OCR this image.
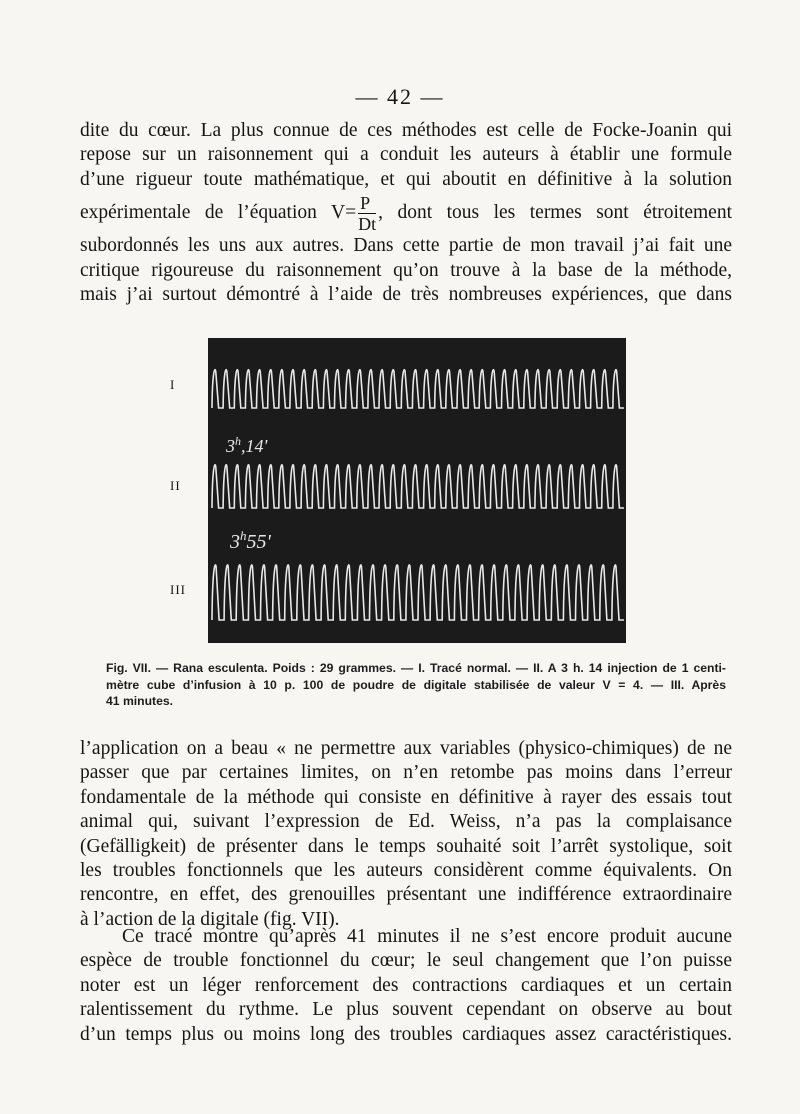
— 42 —
dite du cœur. La plus connue de ces méthodes est celle de Focke-Joanin qui
repose sur un raisonnement qui a conduit les auteurs à établir une formule
d’une rigueur toute mathématique, et qui aboutit en définitive à la solution
expérimentale de l’équation $V= \frac{P}{Dt}$ , dont tous les termes sont étroitement
subordonnés les uns aux autres. Dans cette partie de mon travail j’ai fait une
critique rigoureuse du raisonnement qu’on trouve à la base de la méthode,
mais j’ai surtout démontré à l’aide de très nombreuses expériences, que dans
I
II
III
3$^h$,14'
3$^h$55'
Fig. VII. — Rana esculenta. Poids : 29 grammes. — I. Tracé normal. — II. A 3 h. 14 injection de 1 centi-
mètre cube d’infusion à 10 p. 100 de poudre de digitale stabilisée de valeur V = 4. — III. Après
41 minutes.
l’application on a beau « ne permettre aux variables (physico-chimiques) de ne
passer que par certaines limites, on n’en retombe pas moins dans l’erreur
fondamentale de la méthode qui consiste en définitive à rayer des essais tout
animal qui, suivant l’expression de Ed. Weiss, n’a pas la complaisance
(Gefälligkeit) de présenter dans le temps souhaité soit l’arrêt systolique, soit
les troubles fonctionnels que les auteurs considèrent comme équivalents. On
rencontre, en effet, des grenouilles présentant une indifférence extraordinaire
à l’action de la digitale (fig. VII).
Ce tracé montre qu’après 41 minutes il ne s’est encore produit aucune
espèce de trouble fonctionnel du cœur; le seul changement que l’on puisse
noter est un léger renforcement des contractions cardiaques et un certain
ralentissement du rythme. Le plus souvent cependant on observe au bout
d’un temps plus ou moins long des troubles cardiaques assez caractéristiques.
